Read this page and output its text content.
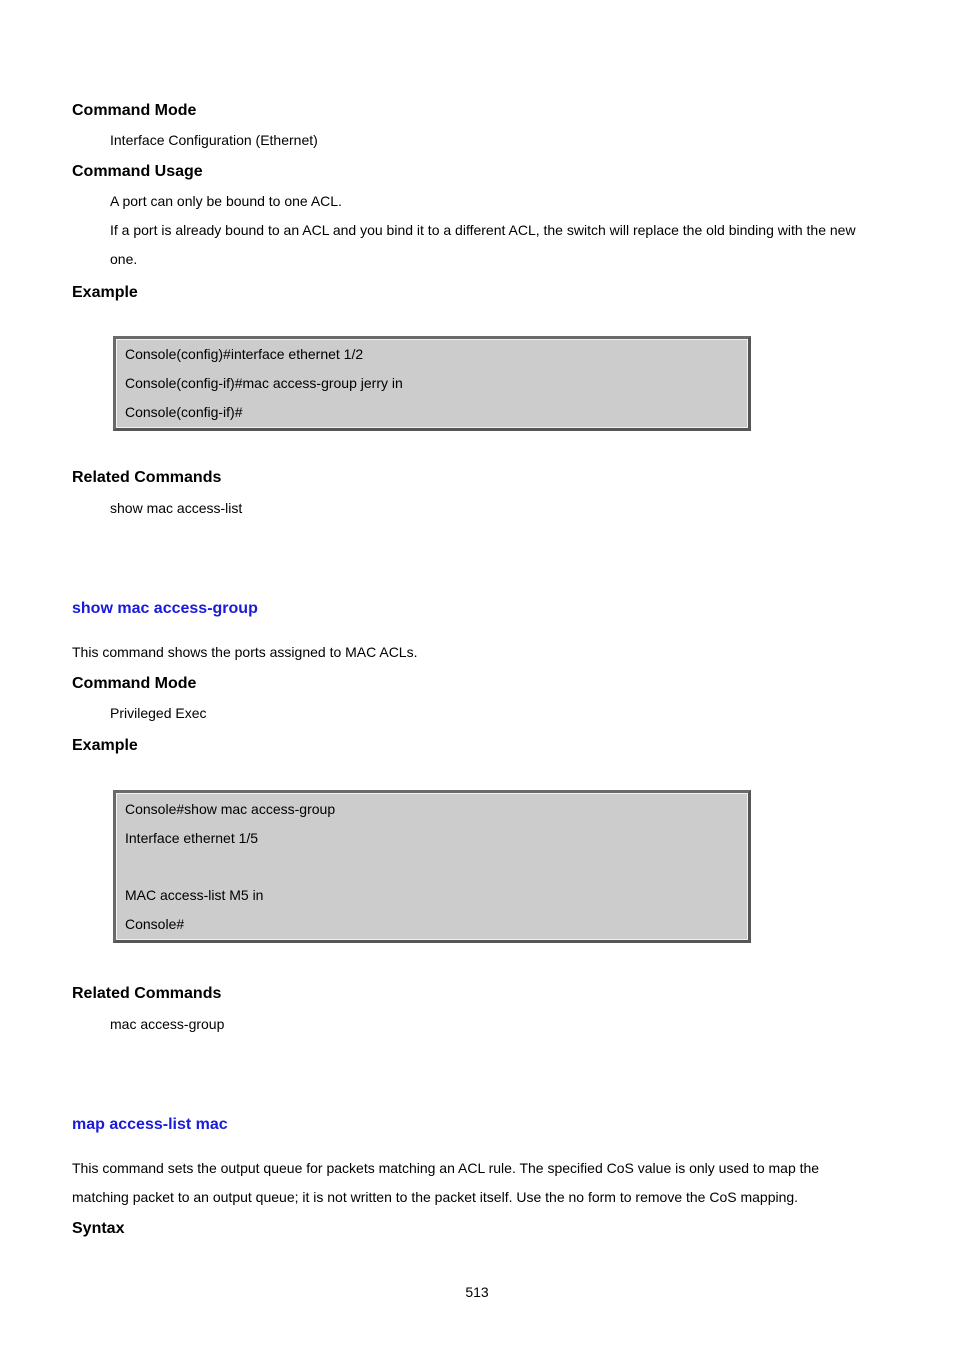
Command Mode
Interface Configuration (Ethernet)
Command Usage
A port can only be bound to one ACL.
If a port is already bound to an ACL and you bind it to a different ACL, the switch will replace the old binding with the new
one.
Example
Console(config)#interface ethernet 1/2
Console(config-if)#mac access-group jerry in
Console(config-if)#
Related Commands
show mac access-list
show mac access-group
This command shows the ports assigned to MAC ACLs.
Command Mode
Privileged Exec
Example
Console#show mac access-group
Interface ethernet 1/5
MAC access-list M5 in
Console#
Related Commands
mac access-group
map access-list mac
This command sets the output queue for packets matching an ACL rule. The specified CoS value is only used to map the
matching packet to an output queue; it is not written to the packet itself. Use the no form to remove the CoS mapping.
Syntax
513
